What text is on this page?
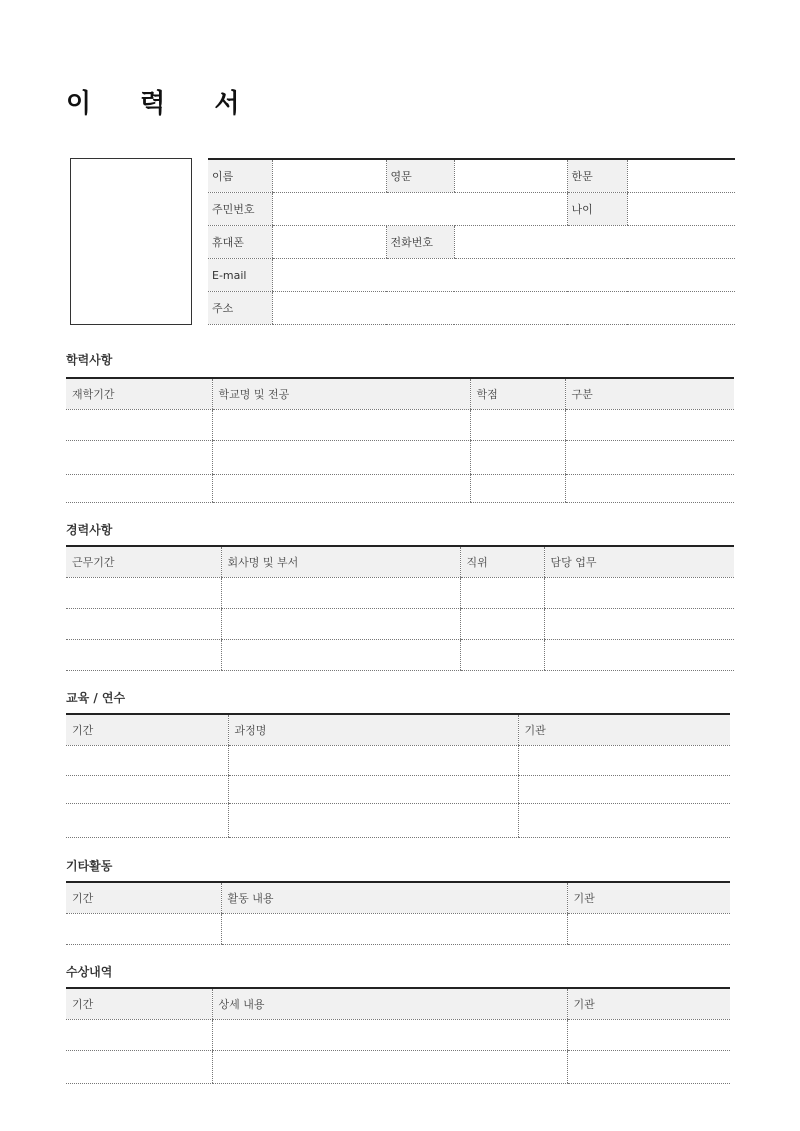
이 력 서
이름		영문		한문	
주민번호				나이	
휴대폰		전화번호			
E-mail					
주소					
학력사항
재학기간	학교명 및 전공	학점	구분

경력사항
근무기간	회사명 및 부서	직위	담당 업무

교육 / 연수
기간	과정명	기관

기타활동
기간	활동 내용	기관

수상내역
기간	상세 내용	기관
